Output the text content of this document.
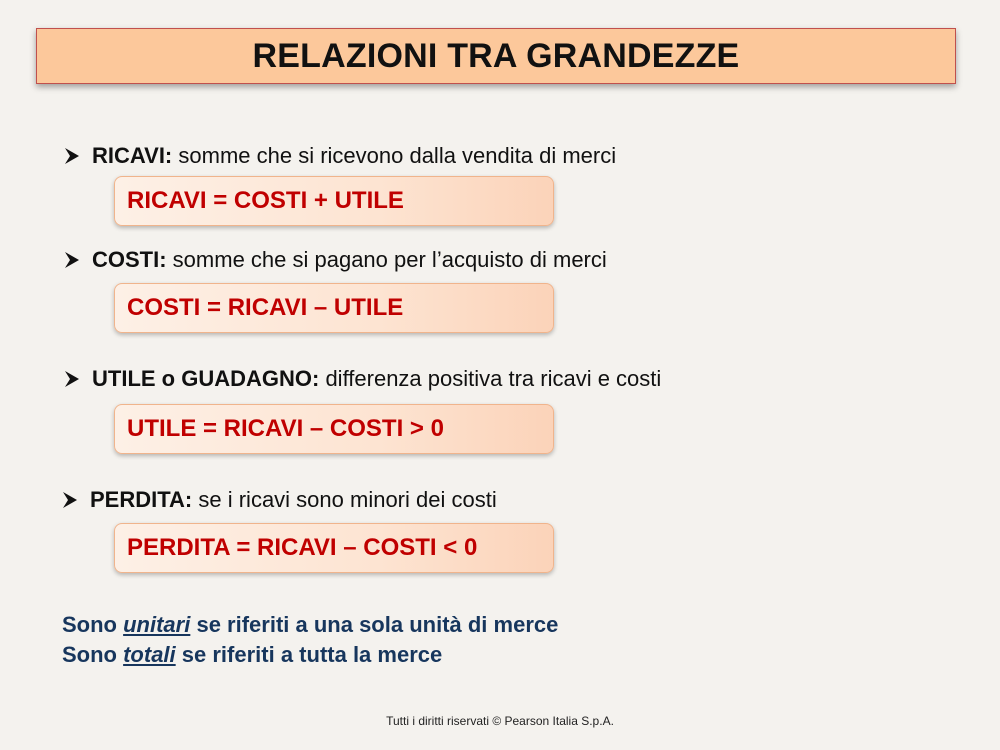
RELAZIONI TRA GRANDEZZE
RICAVI: somme che si ricevono dalla vendita di merci
RICAVI = COSTI + UTILE
COSTI: somme che si pagano per l’acquisto di merci
COSTI = RICAVI – UTILE
UTILE o GUADAGNO: differenza positiva tra ricavi e costi
UTILE = RICAVI – COSTI > 0
PERDITA: se i ricavi sono minori dei costi
PERDITA = RICAVI – COSTI < 0
Sono unitari se riferiti a una sola unità di merce
Sono totali se riferiti a tutta la merce
Tutti i diritti riservati © Pearson Italia S.p.A.
